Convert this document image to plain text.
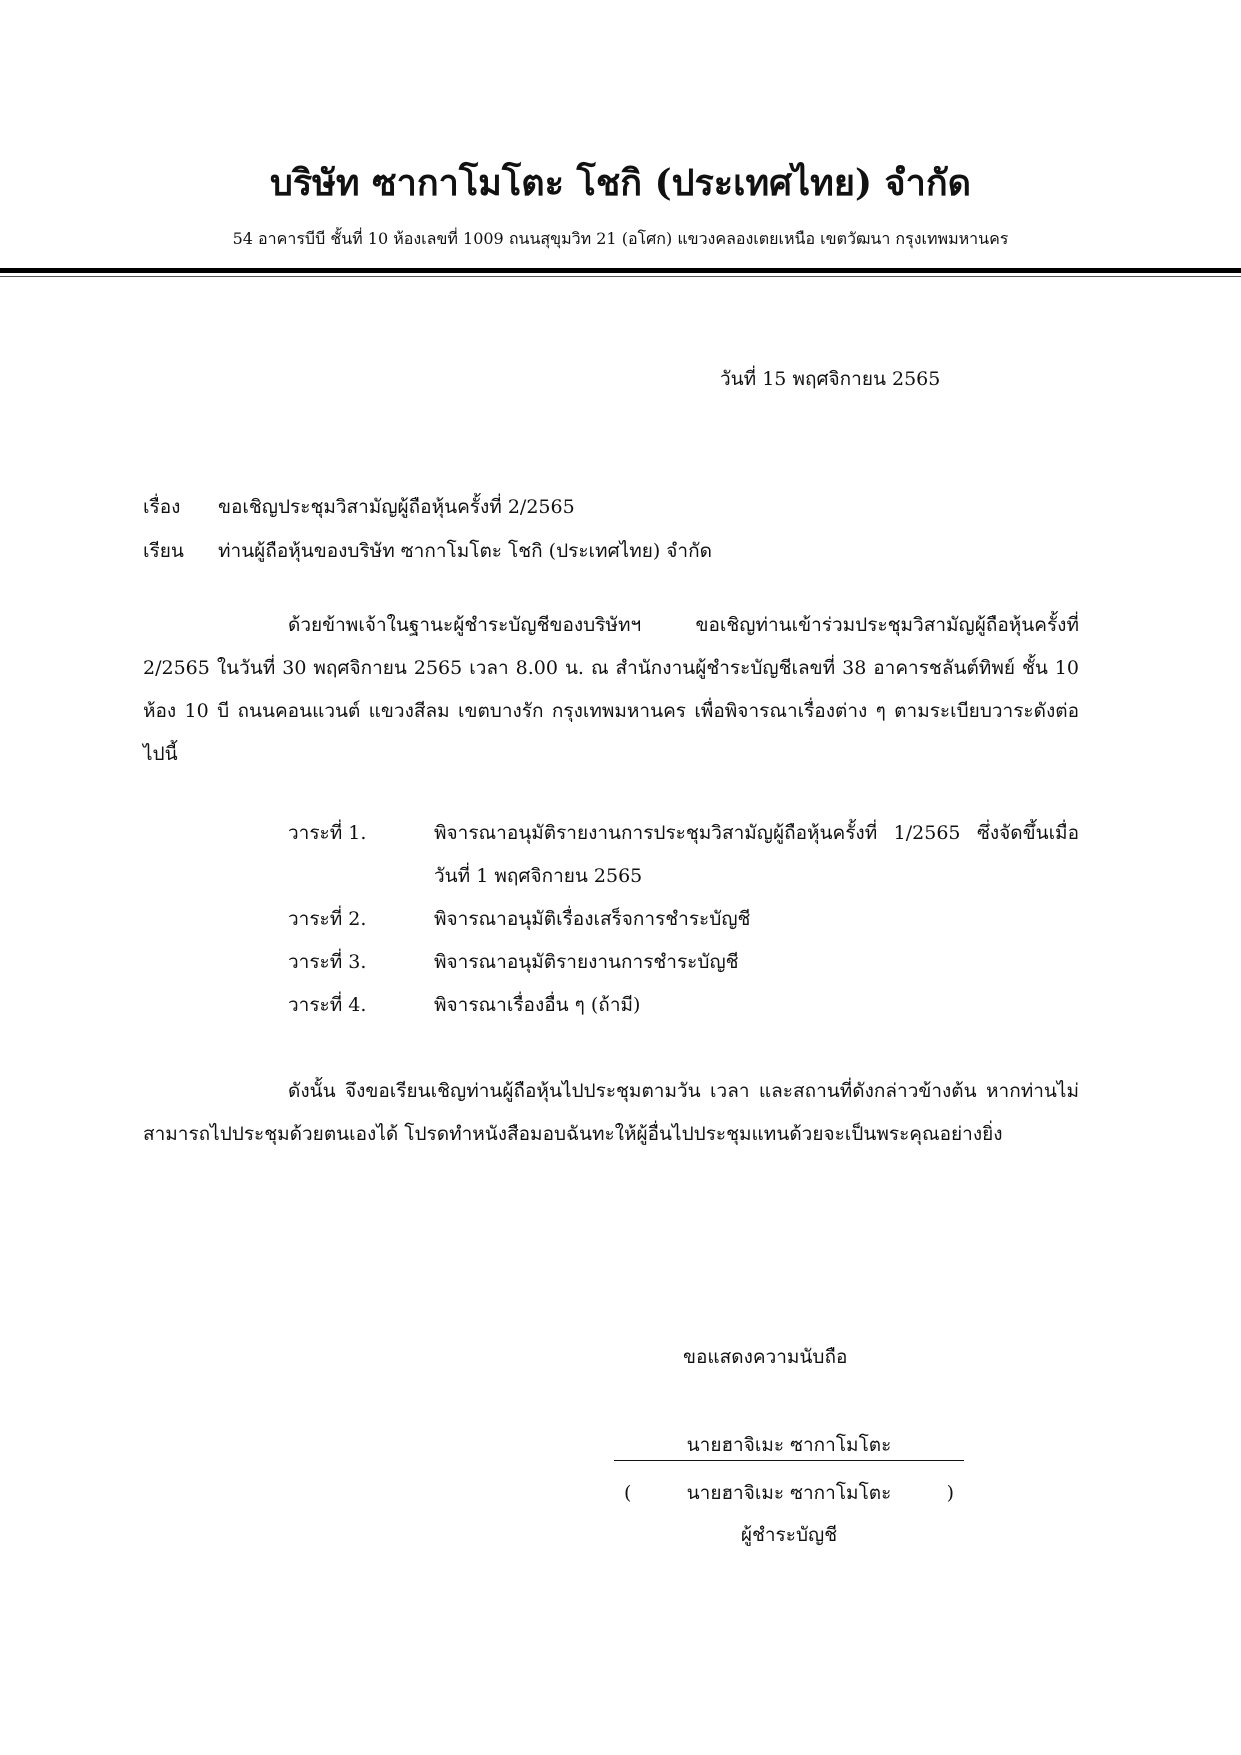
บริษัท ซากาโมโตะ โชกิ (ประเทศไทย) จำกัด
54 อาคารบีบี ชั้นที่ 10 ห้องเลขที่ 1009 ถนนสุขุมวิท 21 (อโศก) แขวงคลองเตยเหนือ เขตวัฒนา กรุงเทพมหานคร
วันที่ 15 พฤศจิกายน 2565
เรื่อง ขอเชิญประชุมวิสามัญผู้ถือหุ้นครั้งที่ 2/2565
เรียน ท่านผู้ถือหุ้นของบริษัท ซากาโมโตะ โชกิ (ประเทศไทย) จำกัด
ด้วยข้าพเจ้าในฐานะผู้ชำระบัญชีของบริษัทฯ ขอเชิญท่านเข้าร่วมประชุมวิสามัญผู้ถือหุ้นครั้งที่ 2/2565 ในวันที่ 30 พฤศจิกายน 2565 เวลา 8.00 น. ณ สำนักงานผู้ชำระบัญชีเลขที่ 38 อาคารชลันต์ทิพย์ ชั้น 10 ห้อง 10 บี ถนนคอนแวนต์ แขวงสีลม เขตบางรัก กรุงเทพมหานคร เพื่อพิจารณาเรื่องต่าง ๆ ตามระเบียบวาระดังต่อไปนี้
วาระที่ 1.	พิจารณาอนุมัติรายงานการประชุมวิสามัญผู้ถือหุ้นครั้งที่ 1/2565 ซึ่งจัดขึ้นเมื่อวันที่ 1 พฤศจิกายน 2565
วาระที่ 2.	พิจารณาอนุมัติเรื่องเสร็จการชำระบัญชี
วาระที่ 3.	พิจารณาอนุมัติรายงานการชำระบัญชี
วาระที่ 4.	พิจารณาเรื่องอื่น ๆ (ถ้ามี)
ดังนั้น จึงขอเรียนเชิญท่านผู้ถือหุ้นไปประชุมตามวัน เวลา และสถานที่ดังกล่าวข้างต้น หากท่านไม่สามารถไปประชุมด้วยตนเองได้ โปรดทำหนังสือมอบฉันทะให้ผู้อื่นไปประชุมแทนด้วยจะเป็นพระคุณอย่างยิ่ง
ขอแสดงความนับถือ
นายฮาจิเมะ ซากาโมโตะ
(	นายฮาจิเมะ ซากาโมโตะ	)
ผู้ชำระบัญชี
